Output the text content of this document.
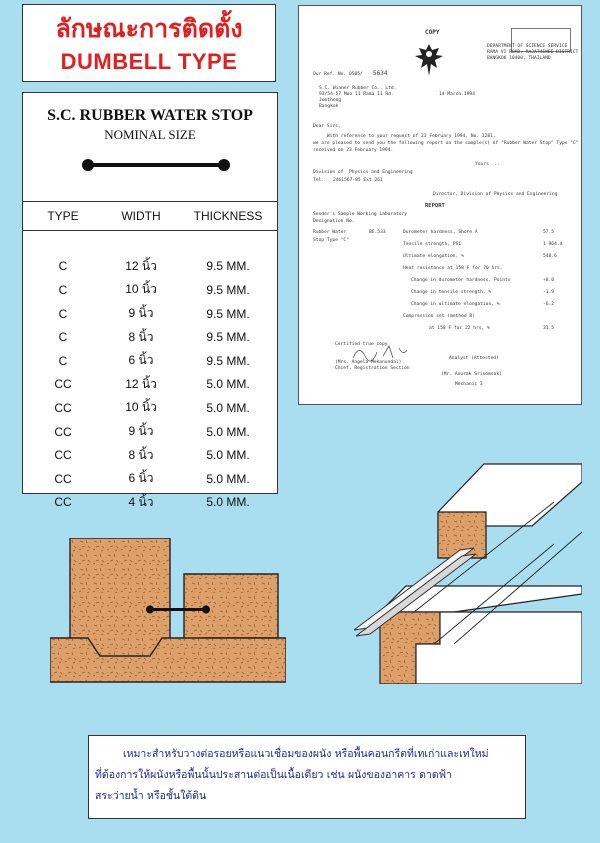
ลักษณะการติดตั้ง
DUMBELL TYPE
S.C. RUBBER WATER STOP
NOMINAL SIZE
TYPE	WIDTH	THICKNESS

C	12 นิ้ว	9.5 MM.
C	10 นิ้ว	9.5 MM.
C	9 นิ้ว	9.5 MM.
C	8 นิ้ว	9.5 MM.
C	6 นิ้ว	9.5 MM.
CC	12 นิ้ว	5.0 MM.
CC	10 นิ้ว	5.0 MM.
CC	9 นิ้ว	5.0 MM.
CC	8 นิ้ว	5.0 MM.
CC	6 นิ้ว	5.0 MM.
CC	4 นิ้ว	5.0 MM.
COPY
DEPARTMENT OF SCIENCE SERVICE
RAMA VI ROAD, RAJATHEWEE DISTRICT
BANGKOK 10400, THAILAND
Our Ref. No. 0505/ 5634
S.C. Winner Rubber Co., Ltd.
93/54-57 Moo 11 Rama II Rd.
Jomthong
Bangkok
14 March 1994
Dear Sirs,
With reference to your request of 23 February 1994, No. 1281,
we are pleased to send you the following report on the sample(s) of "Rubber Water Stop" Type "C"
received on 23 February 1994.
Yours ...
Division of Physics and Engineering
Tel. 2461567-85 Ext.261
Director, Division of Physics and Engineering
REPORT
Sender's Sample Working Laboratory
Designation No.
Rubber Water
Stop Type "C"
BE.533	Durometer hardness, Shore A	57.5
Tensile strength, PSI	1 964.4
Ultimate elongation, %	548.6
Heat resistance at 158 F for 70 hrs.
Change in durometer hardness, Points	+8.0
Change in tensile strength, %	-1.9
Change in ultimate elongation, %	-6.2
Compression set (method B)
at 158 F for 22 hrs, %	31.5
Certified true copy
(Mrs. Angela Mekanundal)
Chief, Registration Section
Analyst (Attested)
(Mr. Anurak Srisomsak)
Mechanic 3
เหมาะสำหรับวางต่อรอยหรือแนวเชื่อมของผนัง หรือพื้นคอนกรีตที่เทเก่าและเทใหม่
ที่ต้องการให้ผนังหรือพื้นนั้นประสานต่อเป็นเนื้อเดียว เช่น ผนังของอาคาร ดาดฟ้า
สระว่ายน้ำ หรือชั้นใต้ดิน
